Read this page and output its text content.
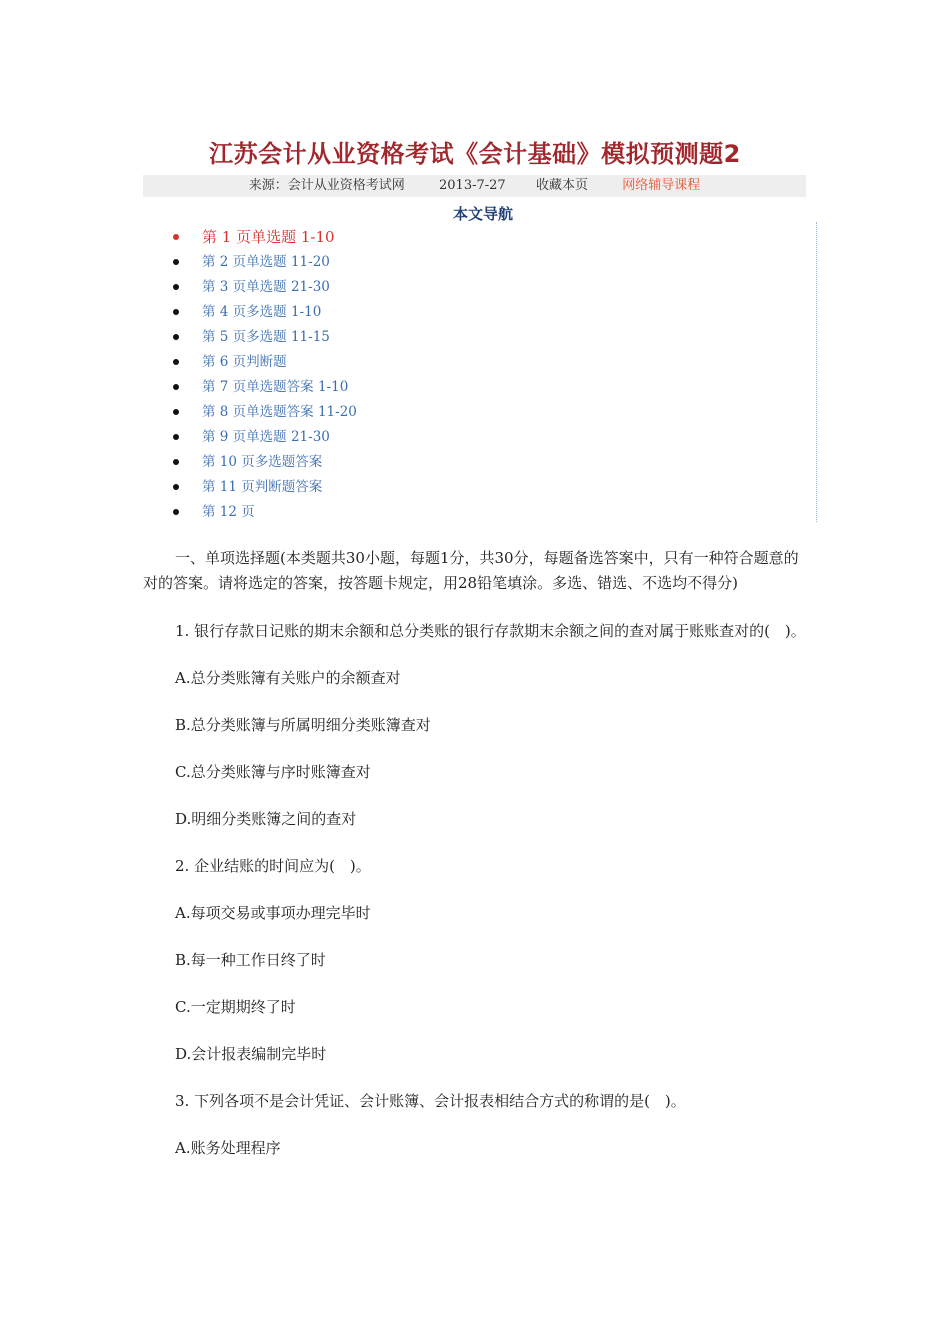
江苏会计从业资格考试《会计基础》模拟预测题2
来源：会计从业资格考试网	2013-7-27 收藏本页	网络辅导课程
本文导航
第 1 页单选题 1-10
第 2 页单选题 11-20
第 3 页单选题 21-30
第 4 页多选题 1-10
第 5 页多选题 11-15
第 6 页判断题
第 7 页单选题答案 1-10
第 8 页单选题答案 11-20
第 9 页单选题 21-30
第 10 页多选题答案
第 11 页判断题答案
第 12 页

一、单项选择题(本类题共30小题，每题1分，共30分，每题备选答案中，只有一种符合题意的对的答案。请将选定的答案，按答题卡规定，用28铅笔填涂。多选、错选、不选均不得分)

1. 银行存款日记账的期末余额和总分类账的银行存款期末余额之间的查对属于账账查对的(　)。

A.总分类账簿有关账户的余额查对

B.总分类账簿与所属明细分类账簿查对

C.总分类账簿与序时账簿查对

D.明细分类账簿之间的查对

2. 企业结账的时间应为(　)。

A.每项交易或事项办理完毕时

B.每一种工作日终了时

C.一定期期终了时

D.会计报表编制完毕时

3. 下列各项不是会计凭证、会计账簿、会计报表相结合方式的称谓的是(　)。

A.账务处理程序
